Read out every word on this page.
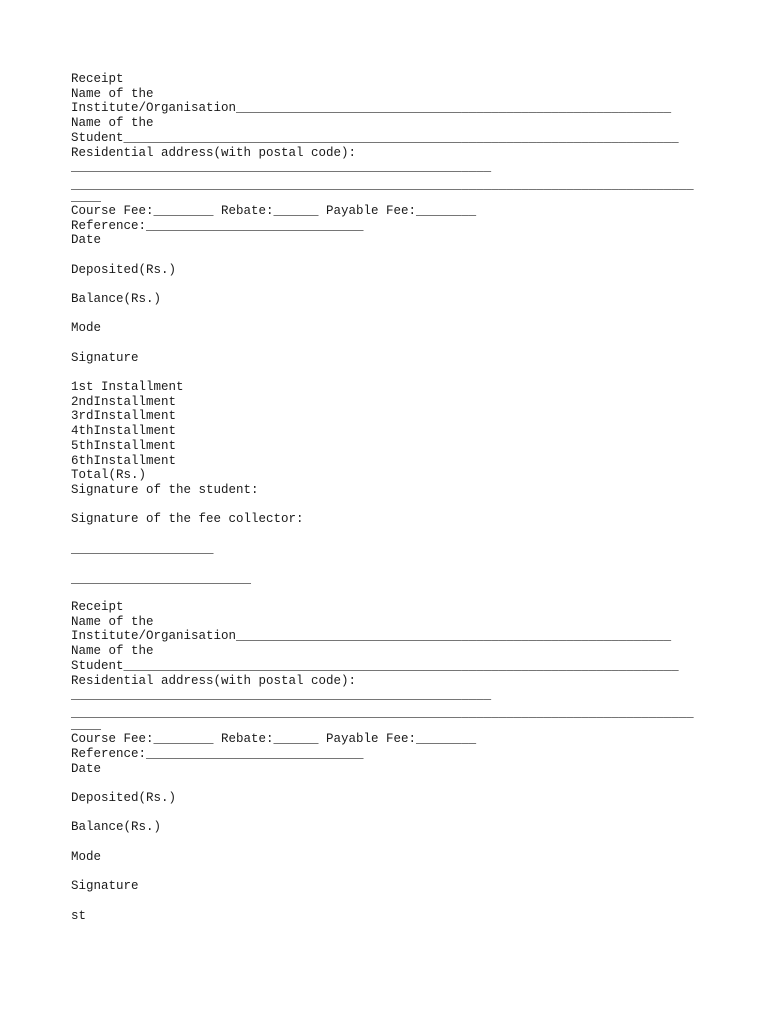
Receipt
Name of the
Institute/Organisation__________________________________________________________
Name of the
Student__________________________________________________________________________
Residential address(with postal code):
________________________________________________________
___________________________________________________________________________________
____
Course Fee:________ Rebate:______ Payable Fee:________
Reference:_____________________________
Date
Deposited(Rs.)
Balance(Rs.)
Mode
Signature
1st Installment
2ndInstallment
3rdInstallment
4thInstallment
5thInstallment
6thInstallment
Total(Rs.)
Signature of the student:
Signature of the fee collector:
___________________
________________________
Receipt
Name of the
Institute/Organisation__________________________________________________________
Name of the
Student__________________________________________________________________________
Residential address(with postal code):
________________________________________________________
___________________________________________________________________________________
____
Course Fee:________ Rebate:______ Payable Fee:________
Reference:_____________________________
Date
Deposited(Rs.)
Balance(Rs.)
Mode
Signature
st
